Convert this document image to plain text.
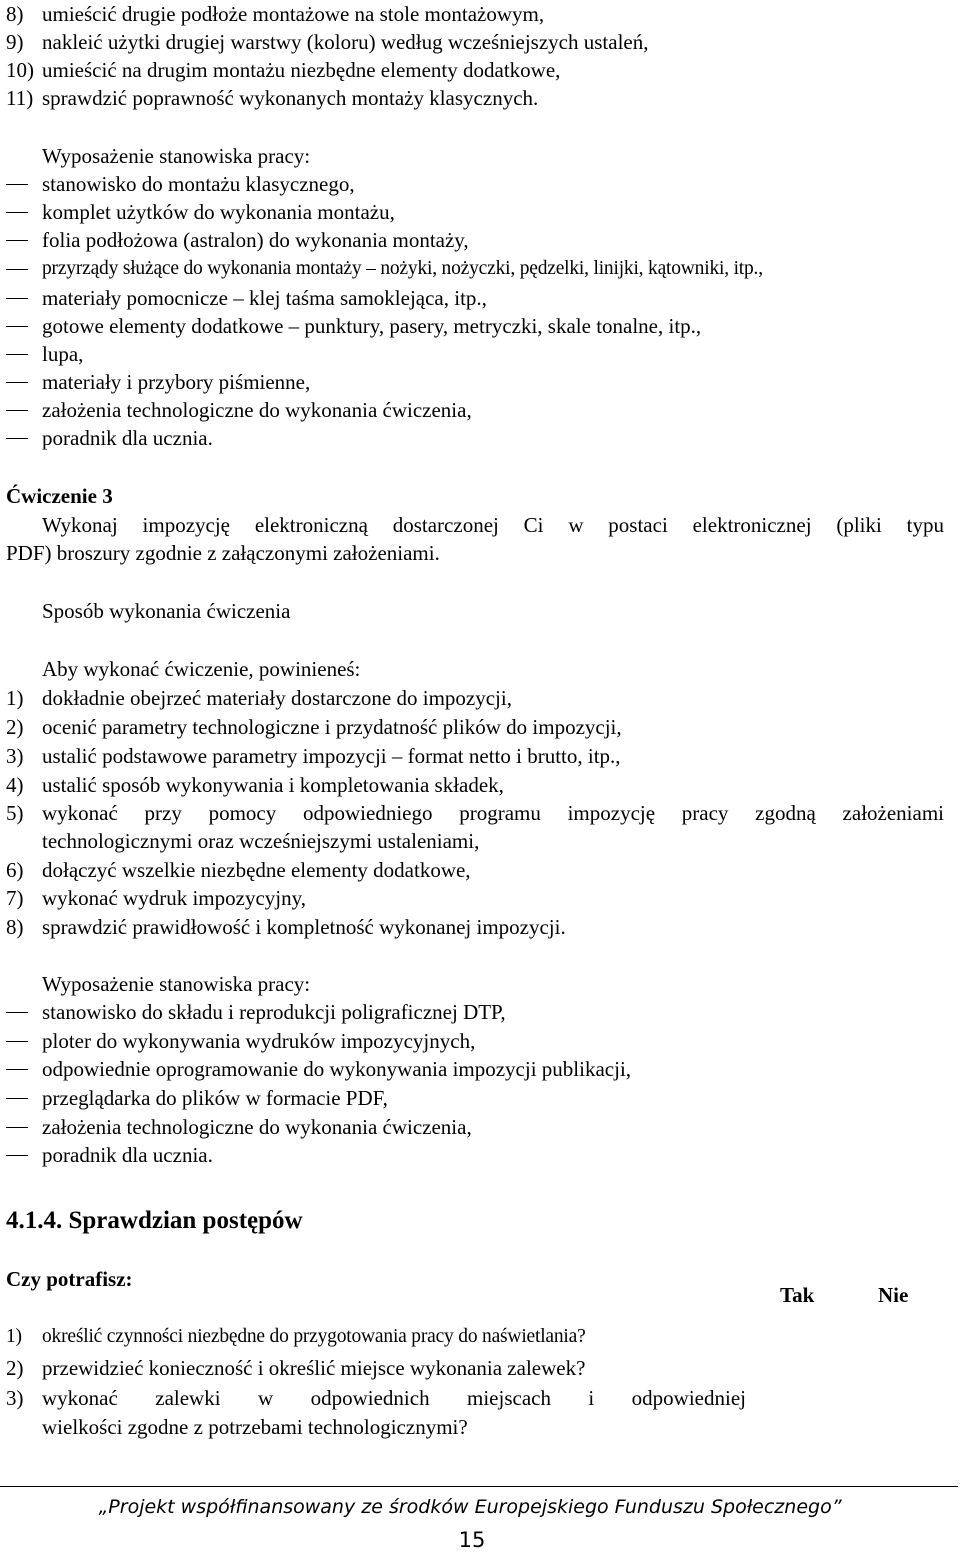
8) umieścić drugie podłoże montażowe na stole montażowym,
9) nakleić użytki drugiej warstwy (koloru) według wcześniejszych ustaleń,
10) umieścić na drugim montażu niezbędne elementy dodatkowe,
11) sprawdzić poprawność wykonanych montaży klasycznych.
Wyposażenie stanowiska pracy:
stanowisko do montażu klasycznego,
komplet użytków do wykonania montażu,
folia podłożowa (astralon) do wykonania montaży,
przyrządy służące do wykonania montaży – nożyki, nożyczki, pędzelki, linijki, kątowniki, itp.,
materiały pomocnicze – klej taśma samoklejąca, itp.,
gotowe elementy dodatkowe – punktury, pasery, metryczki, skale tonalne, itp.,
lupa,
materiały i przybory piśmienne,
założenia technologiczne do wykonania ćwiczenia,
poradnik dla ucznia.
Ćwiczenie 3
Wykonaj impozycję elektroniczną dostarczonej Ci w postaci elektronicznej (pliki typu
PDF) broszury zgodnie z załączonymi założeniami.
Sposób wykonania ćwiczenia
Aby wykonać ćwiczenie, powinieneś:
1) dokładnie obejrzeć materiały dostarczone do impozycji,
2) ocenić parametry technologiczne i przydatność plików do impozycji,
3) ustalić podstawowe parametry impozycji – format netto i brutto, itp.,
4) ustalić sposób wykonywania i kompletowania składek,
5) wykonać przy pomocy odpowiedniego programu impozycję pracy zgodną założeniami
technologicznymi oraz wcześniejszymi ustaleniami,
6) dołączyć wszelkie niezbędne elementy dodatkowe,
7) wykonać wydruk impozycyjny,
8) sprawdzić prawidłowość i kompletność wykonanej impozycji.
Wyposażenie stanowiska pracy:
stanowisko do składu i reprodukcji poligraficznej DTP,
ploter do wykonywania wydruków impozycyjnych,
odpowiednie oprogramowanie do wykonywania impozycji publikacji,
przeglądarka do plików w formacie PDF,
założenia technologiczne do wykonania ćwiczenia,
poradnik dla ucznia.
4.1.4. Sprawdzian postępów
Czy potrafisz:
Tak	Nie
1) określić czynności niezbędne do przygotowania pracy do naświetlania?
2) przewidzieć konieczność i określić miejsce wykonania zalewek?
3) wykonać zalewki w odpowiednich miejscach i odpowiedniej
wielkości zgodne z potrzebami technologicznymi?
„Projekt współfinansowany ze środków Europejskiego Funduszu Społecznego”
15
